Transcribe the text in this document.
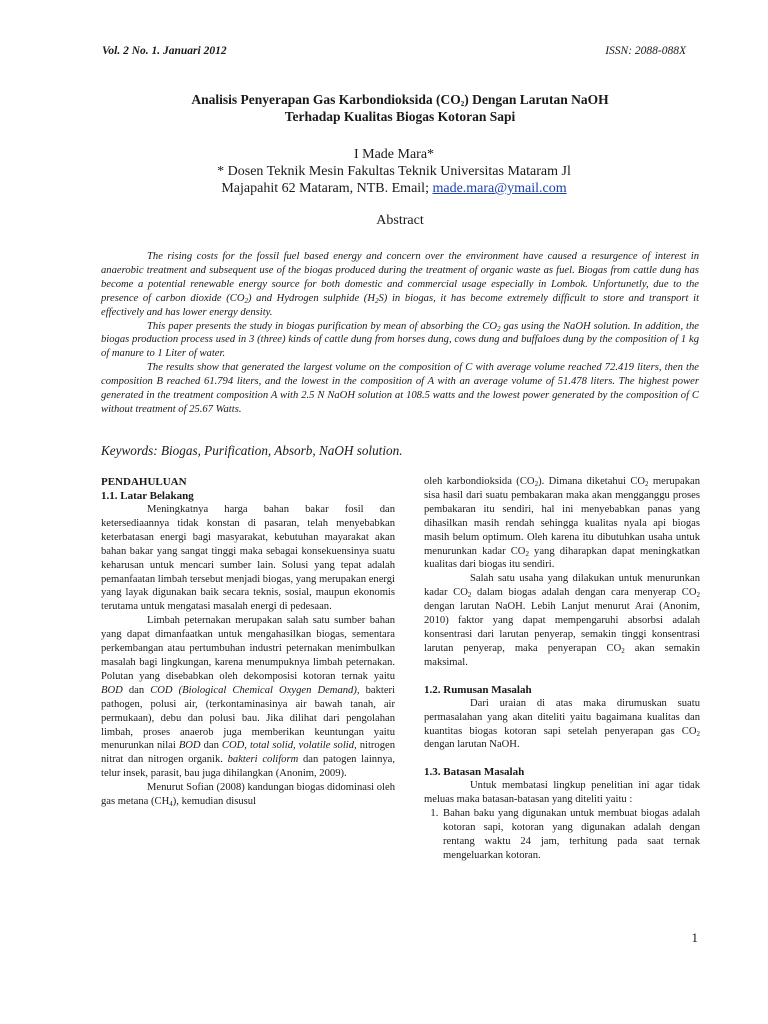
Vol. 2 No. 1. Januari 2012	ISSN: 2088-088X
Analisis Penyerapan Gas Karbondioksida $(CO_2)$ Dengan Larutan NaOH
Terhadap Kualitas Biogas Kotoran Sapi
I Made Mara*
* Dosen Teknik Mesin Fakultas Teknik Universitas Mataram Jl
Majapahit 62 Mataram, NTB. Email; made.mara@ymail.com
Abstract

The rising costs for the fossil fuel based energy and concern over the environment have caused a resurgence of interest in anaerobic treatment and subsequent use of the biogas produced during the treatment of organic waste as fuel. Biogas from cattle dung has become a potential renewable energy source for both domestic and commercial usage especially in Lombok. Unfortunetly, due to the presence of carbon dioxide $(CO_2)$ and Hydrogen sulphide $(H_2S)$ in biogas, it has become extremely difficult to store and transport it effectively and has lower energy density.

This paper presents the study in biogas purification by mean of absorbing the $CO_2$ gas using the NaOH solution. In addition, the biogas production process used in 3 (three) kinds of cattle dung from horses dung, cows dung and buffaloes dung by the composition of 1 kg of manure to 1 Liter of water.

The results show that generated the largest volume on the composition of C with average volume reached 72.419 liters, then the composition B reached 61.794 liters, and the lowest in the composition of A with an average volume of 51.478 liters. The highest power generated in the treatment composition A with 2.5 N NaOH solution at 108.5 watts and the lowest power generated by the composition of C without treatment of 25.67 Watts.

Keywords: Biogas, Purification, Absorb, NaOH solution.
PENDAHULUAN
1.1. Latar Belakang

Meningkatnya harga bahan bakar fosil dan ketersediaannya tidak konstan di pasaran, telah menyebabkan keterbatasan energi bagi masyarakat, kebutuhan mayarakat akan bahan bakar yang sangat tinggi maka sebagai konsekuensinya suatu keharusan untuk mencari sumber lain. Solusi yang tepat adalah pemanfaatan limbah tersebut menjadi biogas, yang merupakan energi yang layak digunakan baik secara teknis, sosial, maupun ekonomis terutama untuk mengatasi masalah energi di pedesaan.

Limbah peternakan merupakan salah satu sumber bahan yang dapat dimanfaatkan untuk mengahasilkan biogas, sementara perkembangan atau pertumbuhan industri peternakan menimbulkan masalah bagi lingkungan, karena menumpuknya limbah peternakan. Polutan yang disebabkan oleh dekomposisi kotoran ternak yaitu BOD dan COD (Biological Chemical Oxygen Demand), bakteri pathogen, polusi air, (terkontaminasinya air bawah tanah, air permukaan), debu dan polusi bau. Jika dilihat dari pengolahan limbah, proses anaerob juga memberikan keuntungan yaitu menurunkan nilai BOD dan COD, total solid, volatile solid, nitrogen nitrat dan nitrogen organik. bakteri coliform dan patogen lainnya, telur insek, parasit, bau juga dihilangkan (Anonim, 2009).

Menurut Sofian (2008) kandungan biogas didominasi oleh gas metana $(CH_4)$, kemudian disusul

oleh karbondioksida $(CO_2)$. Dimana diketahui $CO_2$ merupakan sisa hasil dari suatu pembakaran maka akan mengganggu proses pembakaran itu sendiri, hal ini menyebabkan panas yang dihasilkan masih rendah sehingga kualitas nyala api biogas masih belum optimum. Oleh karena itu dibutuhkan usaha untuk menurunkan kadar $CO_2$ yang diharapkan dapat meningkatkan kualitas dari biogas itu sendiri.

Salah satu usaha yang dilakukan untuk menurunkan kadar $CO_2$ dalam biogas adalah dengan cara menyerap $CO_2$ dengan larutan NaOH. Lebih Lanjut menurut Arai (Anonim, 2010) faktor yang dapat mempengaruhi absorbsi adalah konsentrasi dari larutan penyerap, semakin tinggi konsentrasi larutan penyerap, maka penyerapan $CO_2$ akan semakin maksimal.

1.2. Rumusan Masalah

Dari uraian di atas maka dirumuskan suatu permasalahan yang akan diteliti yaitu bagaimana kualitas dan kuantitas biogas kotoran sapi setelah penyerapan gas $CO_2$ dengan larutan NaOH.

1.3. Batasan Masalah

Untuk membatasi lingkup penelitian ini agar tidak meluas maka batasan-batasan yang diteliti yaitu :

1. Bahan baku yang digunakan untuk membuat biogas adalah kotoran sapi, kotoran yang digunakan adalah dengan rentang waktu 24 jam, terhitung pada saat ternak mengeluarkan kotoran.
1
